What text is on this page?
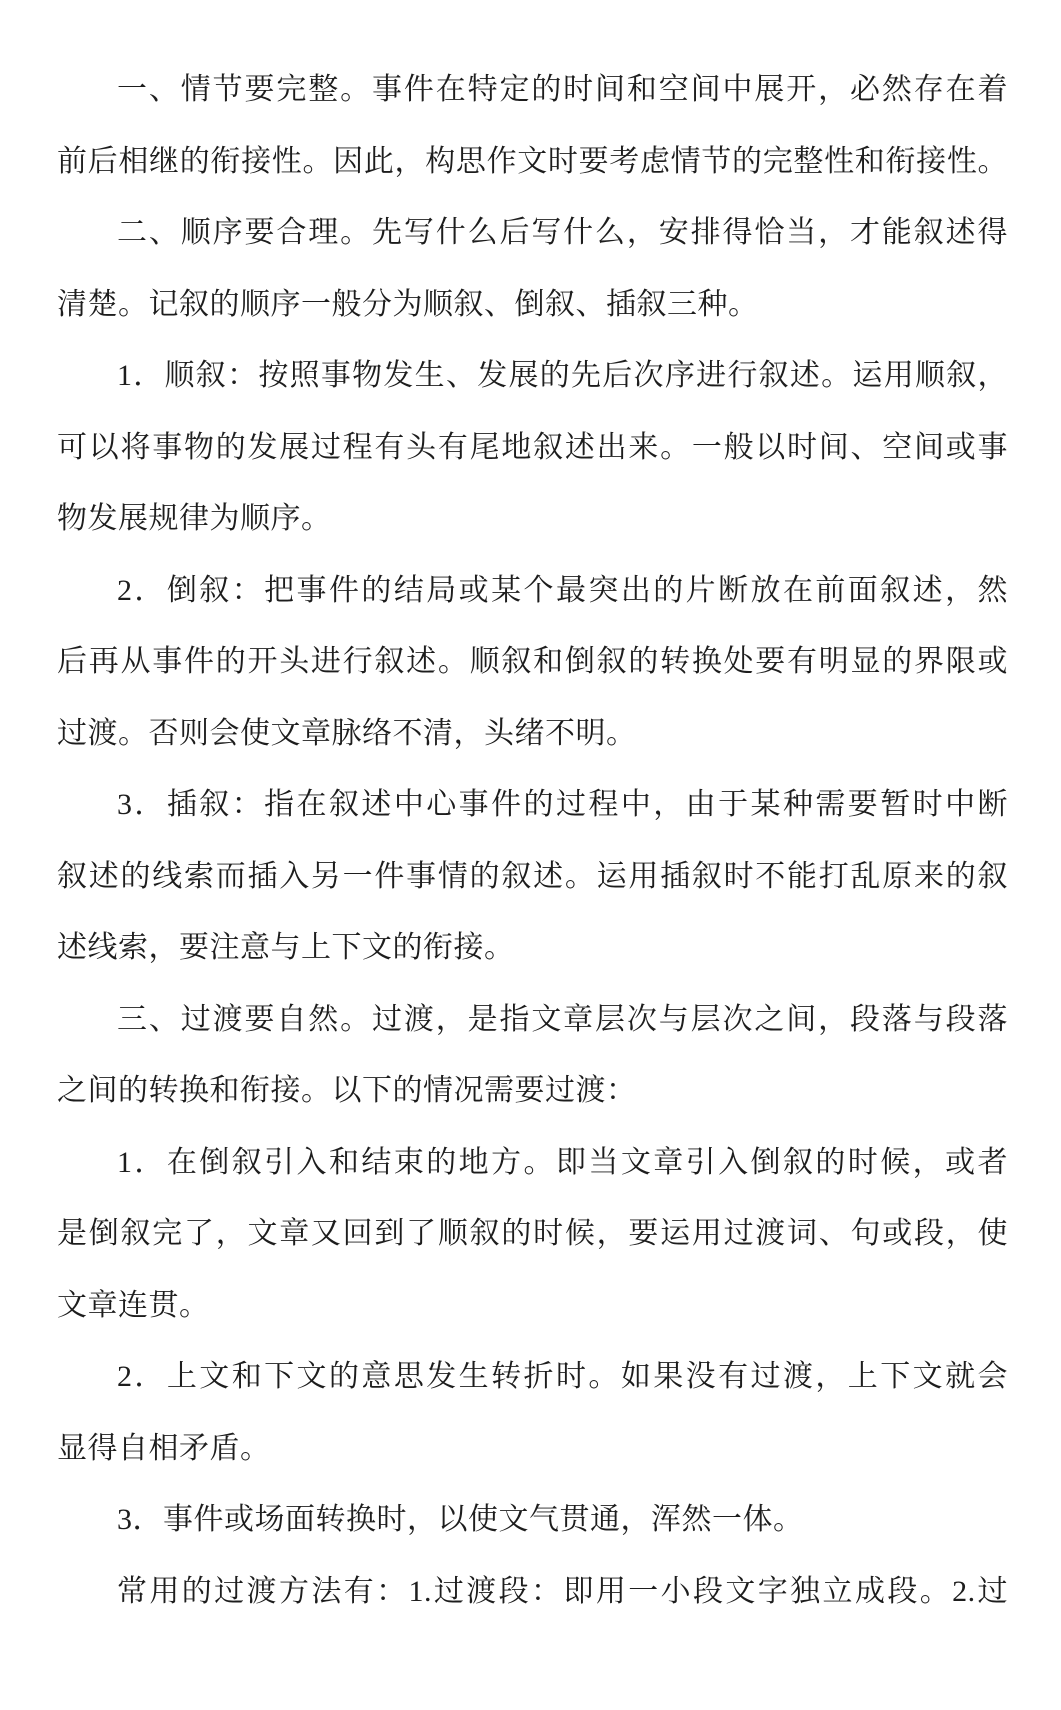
一、情节要完整。事件在特定的时间和空间中展开，必然存在着
前后相继的衔接性。因此，构思作文时要考虑情节的完整性和衔接性。
二、顺序要合理。先写什么后写什么，安排得恰当，才能叙述得
清楚。记叙的顺序一般分为顺叙、倒叙、插叙三种。
1．顺叙：按照事物发生、发展的先后次序进行叙述。运用顺叙，
可以将事物的发展过程有头有尾地叙述出来。一般以时间、空间或事
物发展规律为顺序。
2．倒叙：把事件的结局或某个最突出的片断放在前面叙述，然
后再从事件的开头进行叙述。顺叙和倒叙的转换处要有明显的界限或
过渡。否则会使文章脉络不清，头绪不明。
3．插叙：指在叙述中心事件的过程中，由于某种需要暂时中断
叙述的线索而插入另一件事情的叙述。运用插叙时不能打乱原来的叙
述线索，要注意与上下文的衔接。
三、过渡要自然。过渡，是指文章层次与层次之间，段落与段落
之间的转换和衔接。以下的情况需要过渡：
1．在倒叙引入和结束的地方。即当文章引入倒叙的时候，或者
是倒叙完了，文章又回到了顺叙的时候，要运用过渡词、句或段，使
文章连贯。
2．上文和下文的意思发生转折时。如果没有过渡，上下文就会
显得自相矛盾。
3．事件或场面转换时，以使文气贯通，浑然一体。
常用的过渡方法有：1.过渡段：即用一小段文字独立成段。2.过
